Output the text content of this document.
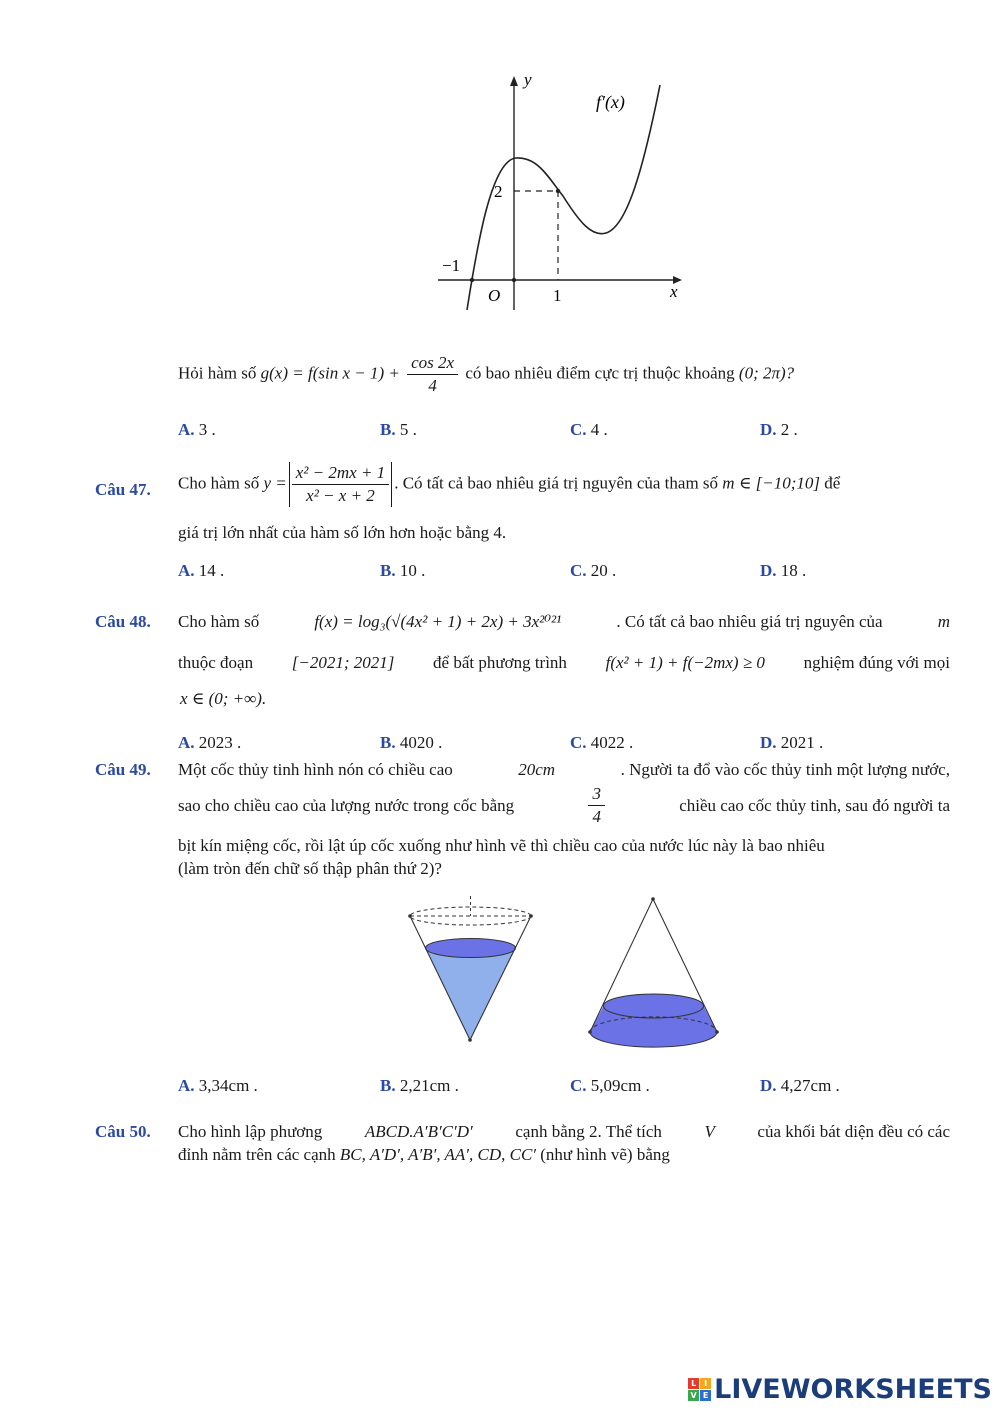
y
x
O
f′(x)
2
1
−1
Hỏi hàm số g(x) = f(sin $x - 1) + \frac{\cos 2x}{4}$ có bao nhiêu điểm cực trị thuộc khoảng (0; 2π)?
A. 3 .	B. 5 .	C. 4 .	D. 2 .
Câu 47. Cho hàm số $y = \frac{\text{x² − 2mx + 1}}{\text{x² − x + 2}}$ . Có tất cả bao nhiêu giá trị nguyên của tham số m ∈ [−10;10] để
giá trị lớn nhất của hàm số lớn hơn hoặc bằng 4.
A. 14 .	B. 10 .	C. 20 .	D. 18 .
Câu 48. Cho hàm số	f(x) = log₃(√(4x² + 1) + 2x) + 3x²⁰²¹	. Có tất cả bao nhiêu giá trị nguyên của	m
thuộc đoạn [−2021; 2021] để bất phương trình f(x² + 1) + f(−2mx) ≥ 0 nghiệm đúng với mọi
x ∈ (0; +∞).
A. 2023 .	B. 4020 .	C. 4022 .	D. 2021 .
Câu 49. Một cốc thủy tinh hình nón có chiều cao	20cm	. Người ta đổ vào cốc thủy tinh một lượng nước,
sao cho chiều cao của lượng nước trong cốc bằng	$\frac{3}{4}$	chiều cao cốc thủy tinh, sau đó người ta
bịt kín miệng cốc, rồi lật úp cốc xuống như hình vẽ thì chiều cao của nước lúc này là bao nhiêu
(làm tròn đến chữ số thập phân thứ 2)?
A. 3,34cm .	B. 2,21cm .	C. 5,09cm .	D. 4,27cm .
Câu 50. Cho hình lập phương	ABCD.A′B′C′D′	cạnh bằng 2. Thể tích	V	của khối bát diện đều có các
đỉnh nằm trên các cạnh BC, A′D′, A′B′, AA′, CD, CC′ (như hình vẽ) bằng
L I
V E LIVEWORKSHEETS
